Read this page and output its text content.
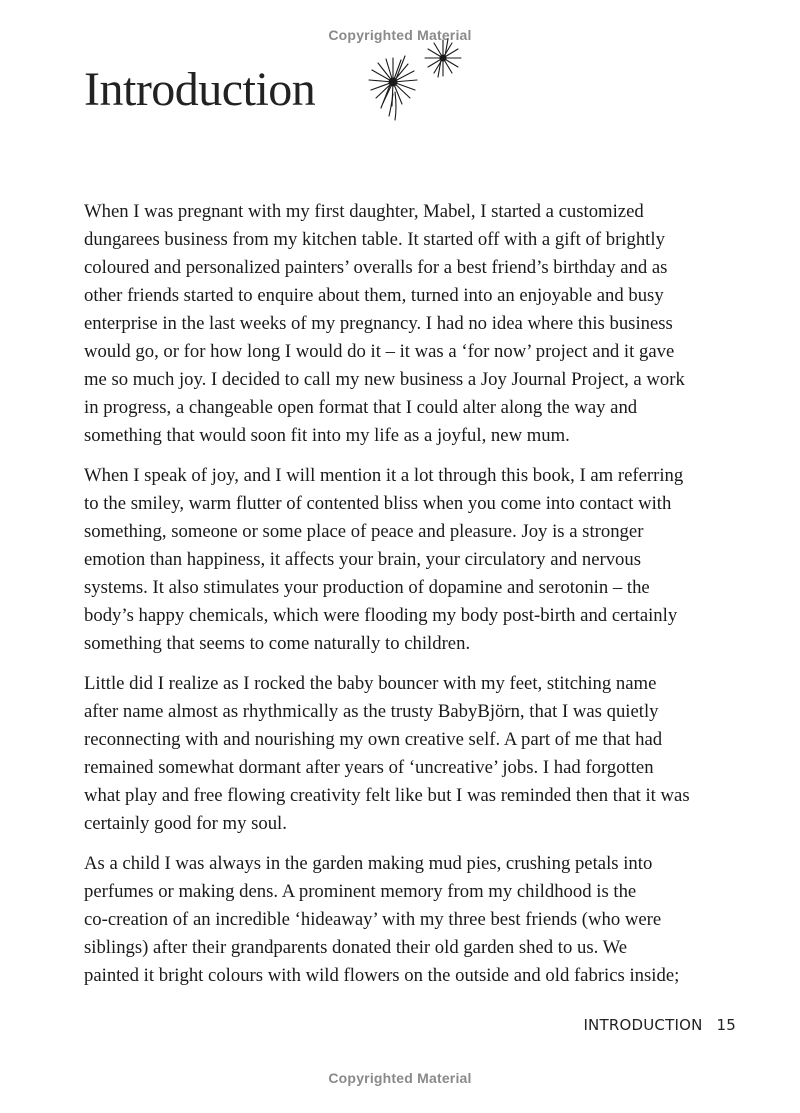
Copyrighted Material
Introduction

When I was pregnant with my first daughter, Mabel, I started a customized
dungarees business from my kitchen table. It started off with a gift of brightly
coloured and personalized painters’ overalls for a best friend’s birthday and as
other friends started to enquire about them, turned into an enjoyable and busy
enterprise in the last weeks of my pregnancy. I had no idea where this business
would go, or for how long I would do it – it was a ‘for now’ project and it gave
me so much joy. I decided to call my new business a Joy Journal Project, a work
in progress, a changeable open format that I could alter along the way and
something that would soon fit into my life as a joyful, new mum.

When I speak of joy, and I will mention it a lot through this book, I am referring
to the smiley, warm flutter of contented bliss when you come into contact with
something, someone or some place of peace and pleasure. Joy is a stronger
emotion than happiness, it affects your brain, your circulatory and nervous
systems. It also stimulates your production of dopamine and serotonin – the
body’s happy chemicals, which were flooding my body post-birth and certainly
something that seems to come naturally to children.

Little did I realize as I rocked the baby bouncer with my feet, stitching name
after name almost as rhythmically as the trusty BabyBjörn, that I was quietly
reconnecting with and nourishing my own creative self. A part of me that had
remained somewhat dormant after years of ‘uncreative’ jobs. I had forgotten
what play and free flowing creativity felt like but I was reminded then that it was
certainly good for my soul.

As a child I was always in the garden making mud pies, crushing petals into
perfumes or making dens. A prominent memory from my childhood is the
co-creation of an incredible ‘hideaway’ with my three best friends (who were
siblings) after their grandparents donated their old garden shed to us. We
painted it bright colours with wild flowers on the outside and old fabrics inside;

INTRODUCTION 15
Copyrighted Material
